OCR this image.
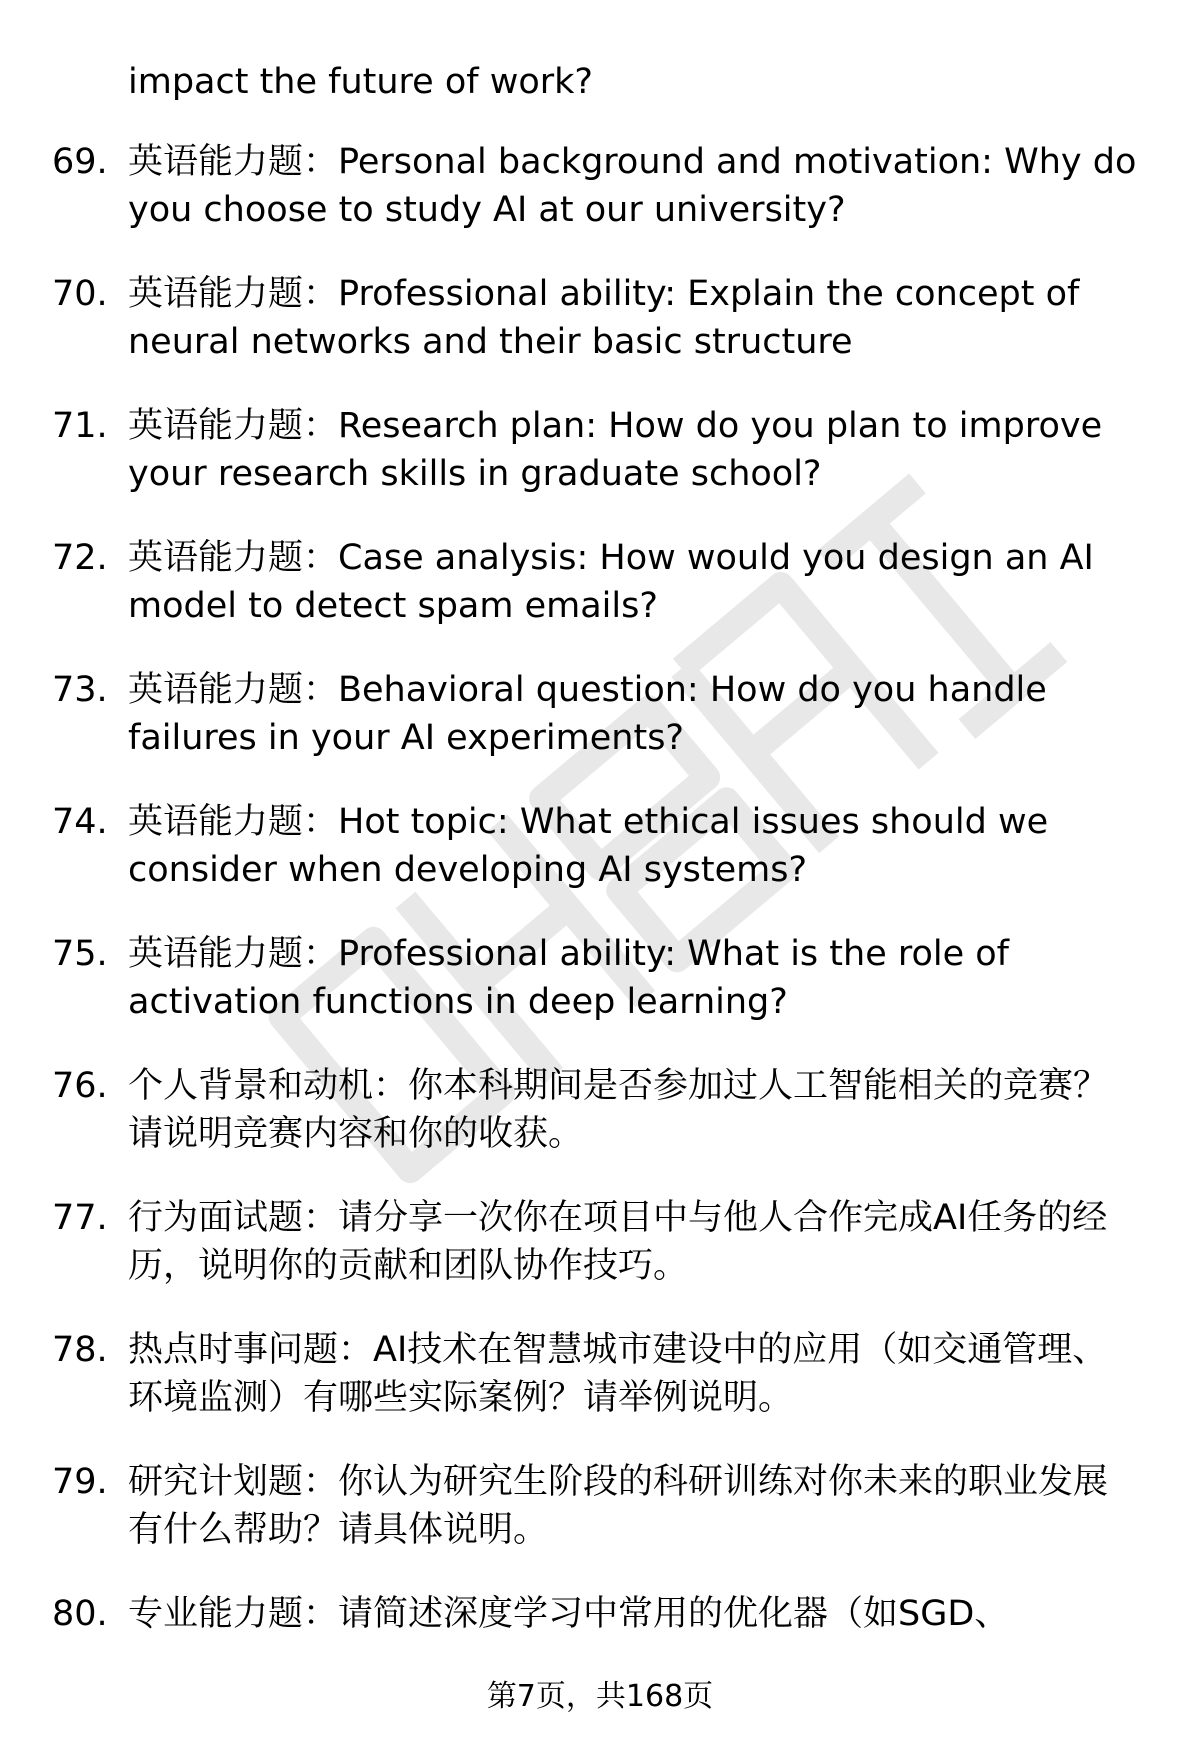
impact the future of work?
69. 英语能力题：Personal background and motivation: Why do
you choose to study AI at our university?
70. 英语能力题：Professional ability: Explain the concept of
neural networks and their basic structure
71. 英语能力题：Research plan: How do you plan to improve
your research skills in graduate school?
72. 英语能力题：Case analysis: How would you design an AI
model to detect spam emails?
73. 英语能力题：Behavioral question: How do you handle
failures in your AI experiments?
74. 英语能力题：Hot topic: What ethical issues should we
consider when developing AI systems?
75. 英语能力题：Professional ability: What is the role of
activation functions in deep learning?
76. 个人背景和动机：你本科期间是否参加过人工智能相关的竞赛？
请说明竞赛内容和你的收获。
77. 行为面试题：请分享一次你在项目中与他人合作完成AI任务的经
历，说明你的贡献和团队协作技巧。
78. 热点时事问题：AI技术在智慧城市建设中的应用（如交通管理、
环境监测）有哪些实际案例？请举例说明。
79. 研究计划题：你认为研究生阶段的科研训练对你未来的职业发展
有什么帮助？请具体说明。
80. 专业能力题：请简述深度学习中常用的优化器（如SGD、
第7页，共168页
